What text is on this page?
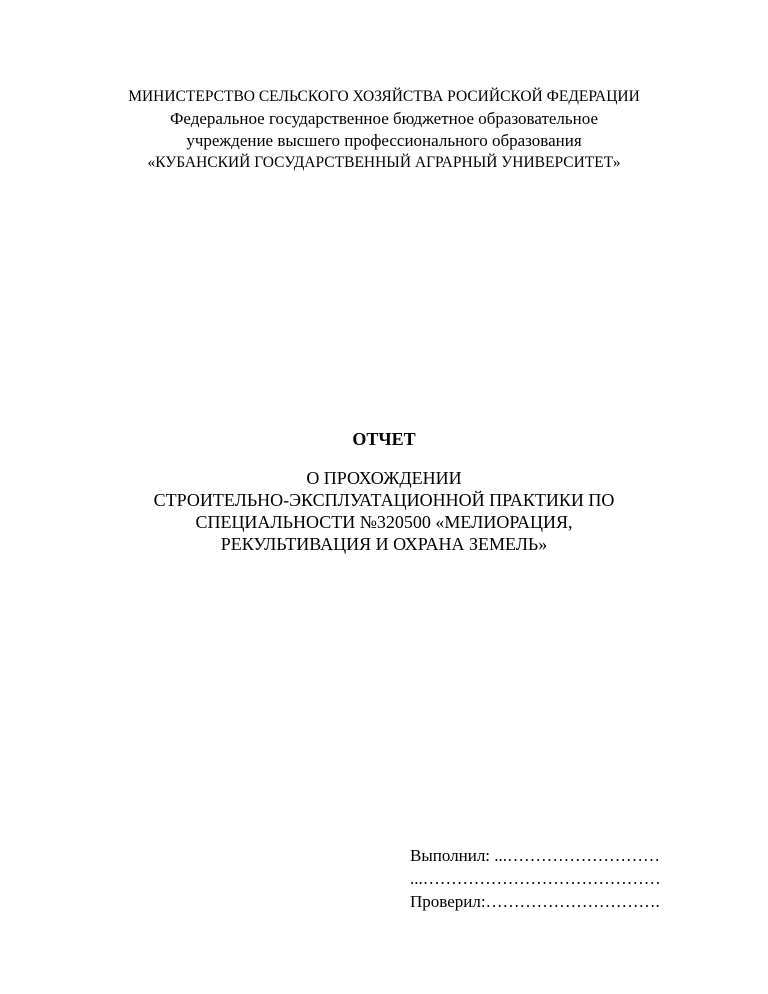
МИНИСТЕРСТВО СЕЛЬСКОГО ХОЗЯЙСТВА РОСИЙСКОЙ ФЕДЕРАЦИИ
Федеральное государственное бюджетное образовательное
учреждение высшего профессионального образования
«КУБАНСКИЙ ГОСУДАРСТВЕННЫЙ АГРАРНЫЙ УНИВЕРСИТЕТ»
ОТЧЕТ
О ПРОХОЖДЕНИИ
СТРОИТЕЛЬНО-ЭКСПЛУАТАЦИОННОЙ ПРАКТИКИ ПО
СПЕЦИАЛЬНОСТИ №320500 «МЕЛИОРАЦИЯ,
РЕКУЛЬТИВАЦИЯ И ОХРАНА ЗЕМЕЛЬ»
Выполнил: ...………………………
...……………………………………
Проверил:………………………….
